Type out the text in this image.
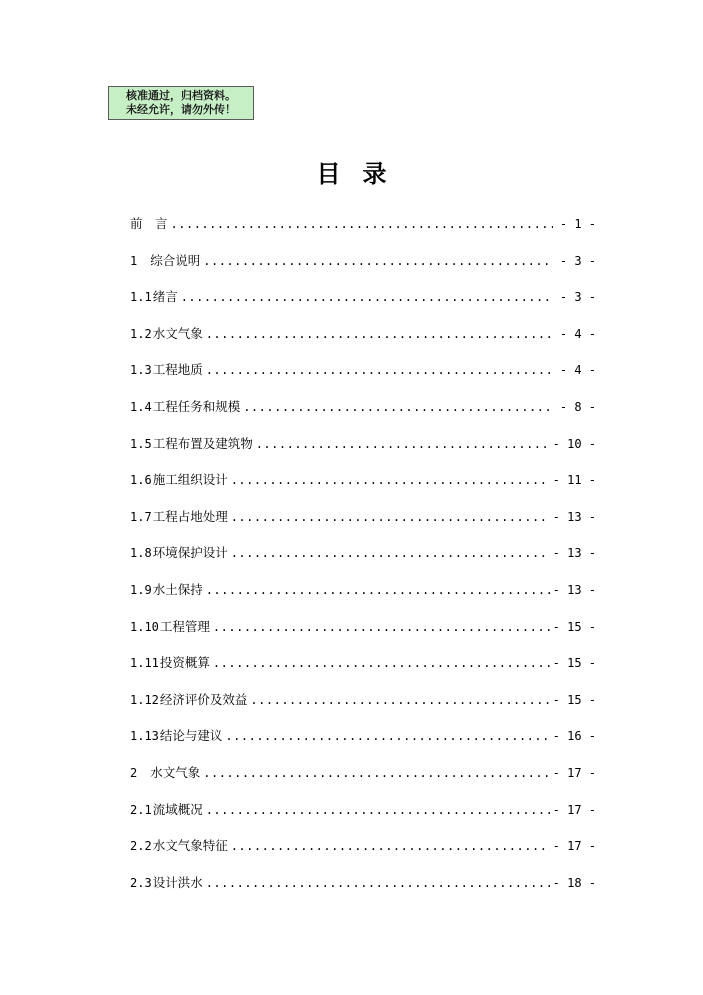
核准通过，归档资料。
未经允许，请勿外传！
目录
前　言 .....	- 1 -
1 综合说明 .....	- 3 -
1.1绪言 .....	- 3 -
1.2水文气象 .....	- 4 -
1.3工程地质 .....	- 4 -
1.4工程任务和规模 .....	- 8 -
1.5工程布置及建筑物 .....	- 10 -
1.6施工组织设计 .....	- 11 -
1.7工程占地处理 .....	- 13 -
1.8环境保护设计 .....	- 13 -
1.9水土保持 .....	- 13 -
1.10工程管理 .....	- 15 -
1.11投资概算 .....	- 15 -
1.12经济评价及效益 .....	- 15 -
1.13结论与建议 .....	- 16 -
2 水文气象 .....	- 17 -
2.1流域概况 .....	- 17 -
2.2水文气象特征 .....	- 17 -
2.3设计洪水 .....	- 18 -
